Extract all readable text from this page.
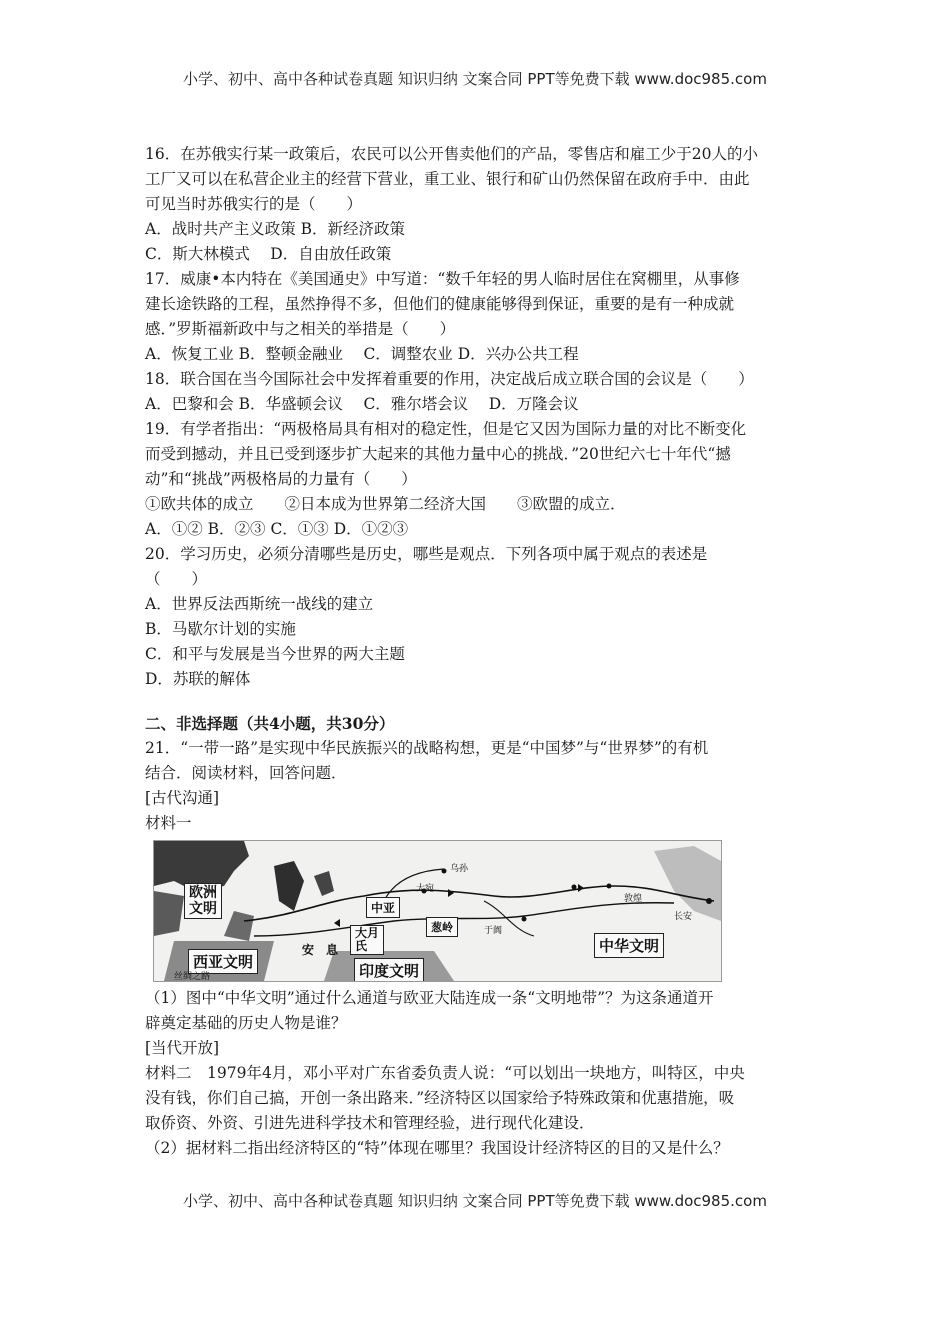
小学、初中、高中各种试卷真题 知识归纳 文案合同 PPT等免费下载 www.doc985.com
16．在苏俄实行某一政策后，农民可以公开售卖他们的产品，零售店和雇工少于20人的小
工厂又可以在私营企业主的经营下营业，重工业、银行和矿山仍然保留在政府手中．由此
可见当时苏俄实行的是（　　）
A．战时共产主义政策 B．新经济政策
C．斯大林模式　 D．自由放任政策
17．威康•本内特在《美国通史》中写道：“数千年轻的男人临时居住在窝棚里，从事修
建长途铁路的工程，虽然挣得不多，但他们的健康能够得到保证，重要的是有一种成就
感．”罗斯福新政中与之相关的举措是（　　）
A．恢复工业 B．整顿金融业　 C．调整农业 D．兴办公共工程
18．联合国在当今国际社会中发挥着重要的作用，决定战后成立联合国的会议是（　　）
A．巴黎和会 B．华盛顿会议　 C．雅尔塔会议　 D．万隆会议
19．有学者指出：“两极格局具有相对的稳定性，但是它又因为国际力量的对比不断变化
而受到撼动，并且已受到逐步扩大起来的其他力量中心的挑战．”20世纪六七十年代“撼
动”和“挑战”两极格局的力量有（　　）
①欧共体的成立　　②日本成为世界第二经济大国　　③欧盟的成立．
A．①② B．②③ C．①③ D．①②③
20．学习历史，必须分清哪些是历史，哪些是观点．下列各项中属于观点的表述是
（　　）
A．世界反法西斯统一战线的建立
B．马歇尔计划的实施
C．和平与发展是当今世界的两大主题
D．苏联的解体
二、非选择题（共4小题，共30分）
21．“一带一路”是实现中华民族振兴的战略构想，更是“中国梦”与“世界梦”的有机
结合．阅读材料，回答问题．
[古代沟通]
材料一
欧洲
文明
西亚文明	印度文明
中华文明
中亚
大月
氏
安　息
葱岭
长安
大宛
乌孙
于阗
敦煌
丝绸之路
（1）图中“中华文明”通过什么通道与欧亚大陆连成一条“文明地带”？为这条通道开
辟奠定基础的历史人物是谁？
[当代开放]
材料二　1979年4月，邓小平对广东省委负责人说：“可以划出一块地方，叫特区，中央
没有钱，你们自己搞，开创一条出路来．”经济特区以国家给予特殊政策和优惠措施，吸
取侨资、外资、引进先进科学技术和管理经验，进行现代化建设．
（2）据材料二指出经济特区的“特”体现在哪里？我国设计经济特区的目的又是什么？
小学、初中、高中各种试卷真题 知识归纳 文案合同 PPT等免费下载 www.doc985.com
